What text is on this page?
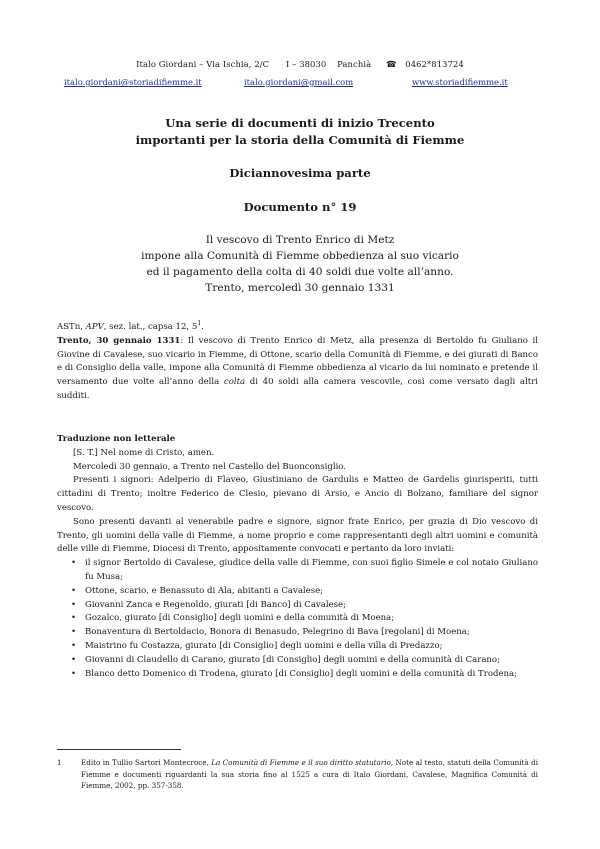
Italo Giordani – Via Ischia, 2/C I – 38030 Panchià ☎ 0462*813724
italo.giordani@storiadifiemme.it	italo.giordani@gmail.com	www.storiadifiemme.it
Una serie di documenti di inizio Trecento
importanti per la storia della Comunità di Fiemme
Diciannovesima parte
Documento n° 19
Il vescovo di Trento Enrico di Metz
impone alla Comunità di Fiemme obbedienza al suo vicario
ed il pagamento della colta di 40 soldi due volte all’anno.
Trento, mercoledì 30 gennaio 1331

ASTn, APV, sez. lat., capsa 12, $5^1$.

Trento, 30 gennaio 1331: Il vescovo di Trento Enrico di Metz, alla presenza di Bertoldo fu Giuliano il Giovine di Cavalese, suo vicario in Fiemme, di Ottone, scario della Comunità di Fiemme, e dei giurati di Banco e di Consiglio della valle, impone alla Comunità di Fiemme obbedienza al vicario da lui nominato e pretende il versamento due volte all’anno della colta di 40 soldi alla camera vescovile, così come versato dagli altri sudditi.

Traduzione non letterale

[S. T.] Nel nome di Cristo, amen.

Mercoledì 30 gennaio, a Trento nel Castello del Buonconsiglio.

Presenti i signori: Adelperio di Flaveo, Giustiniano de Gardulis e Matteo de Gardelis giurisperiti, tutti cittadini di Trento; inoltre Federico de Clesio, pievano di Arsio, e Ancio di Bolzano, familiare del signor vescovo.

Sono presenti davanti al venerabile padre e signore, signor frate Enrico, per grazia di Dio vescovo di Trento, gli uomini della valle di Fiemme, a nome proprio e come rappresentanti degli altri uomini e comunità delle ville di Fiemme, Diocesi di Trento, appositamente convocati e pertanto da loro inviati:

• il signor Bertoldo di Cavalese, giudice della valle di Fiemme, con suoi figlio Simele e col notaio Giuliano fu Musa;
• Ottone, scario, e Benassuto di Ala, abitanti a Cavalese;
• Giovanni Zanca e Regenoldo, giurati [di Banco] di Cavalese;
• Gozalco, giurato [di Consiglio] degli uomini e della comunità di Moena;
• Bonaventura di Bertoldacio, Bonora di Benasudo, Pelegrino di Bava [regolani] di Moena;
• Maistrino fu Costazza, giurato [di Consiglio] degli uomini e della villa di Predazzo;
• Giovanni di Claudello di Carano, giurato [di Consiglio] degli uomini e della comunità di Carano;
• Blanco detto Domenico di Trodena, giurato [di Consiglio] degli uomini e della comunità di Trodena;
1	Edito in Tullio Sartori Montecroce, La Comunità di Fiemme e il suo diritto statutario, Note al testo, statuti della Comunità di Fiemme e documenti riguardanti la sua storia fino al 1525 a cura di Italo Giordani, Cavalese, Magnifica Comunità di Fiemme, 2002, pp. 357-358.
